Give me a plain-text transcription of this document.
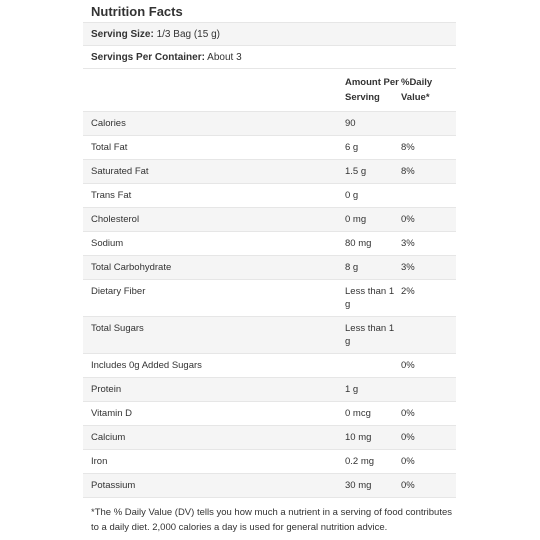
Nutrition Facts
Serving Size: 1/3 Bag (15 g)
Servings Per Container: About 3
	Amount Per Serving	%Daily Value*
Calories	90	
Total Fat	6 g	8%
Saturated Fat	1.5 g	8%
Trans Fat	0 g	
Cholesterol	0 mg	0%
Sodium	80 mg	3%
Total Carbohydrate	8 g	3%
Dietary Fiber	Less than 1 g	2%
Total Sugars	Less than 1 g	
Includes 0g Added Sugars		0%
Protein	1 g	
Vitamin D	0 mcg	0%
Calcium	10 mg	0%
Iron	0.2 mg	0%
Potassium	30 mg	0%
*The % Daily Value (DV) tells you how much a nutrient in a serving of food contributes to a daily diet. 2,000 calories a day is used for general nutrition advice.
